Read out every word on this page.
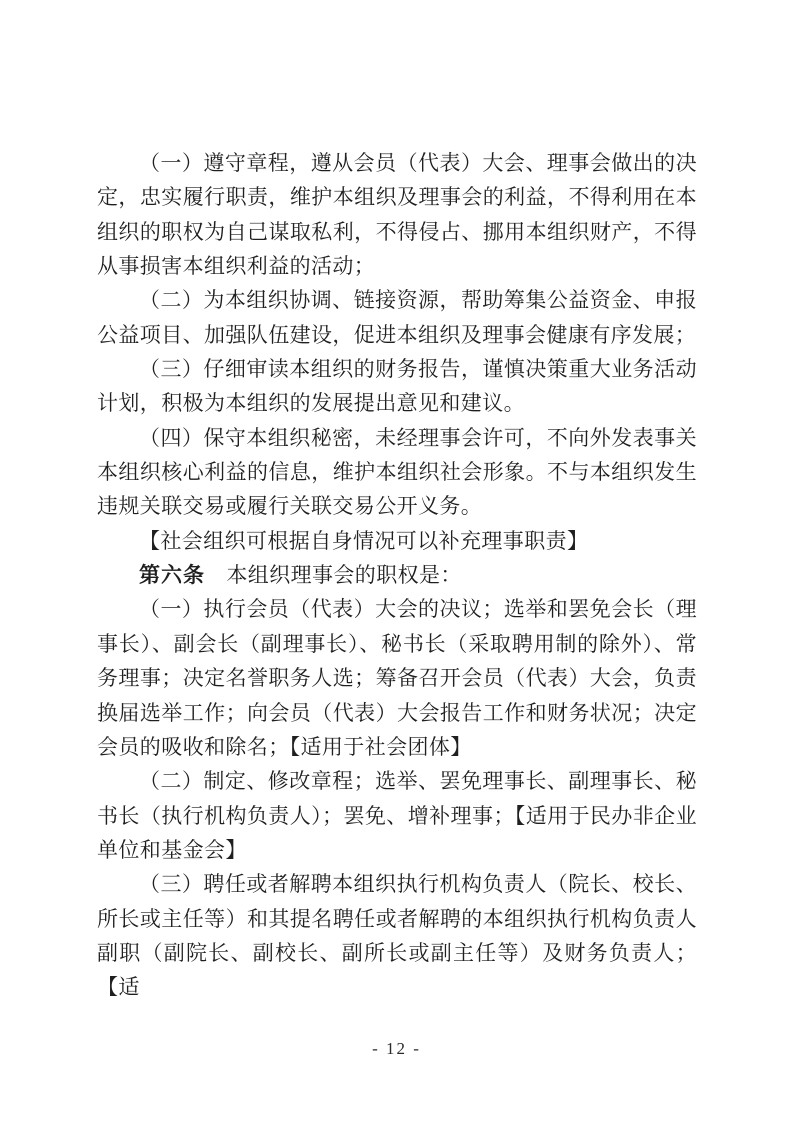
（一）遵守章程，遵从会员（代表）大会、理事会做出的决定，忠实履行职责，维护本组织及理事会的利益，不得利用在本组织的职权为自己谋取私利，不得侵占、挪用本组织财产，不得从事损害本组织利益的活动；

（二）为本组织协调、链接资源，帮助筹集公益资金、申报公益项目、加强队伍建设，促进本组织及理事会健康有序发展；

（三）仔细审读本组织的财务报告，谨慎决策重大业务活动计划，积极为本组织的发展提出意见和建议。

（四）保守本组织秘密，未经理事会许可，不向外发表事关本组织核心利益的信息，维护本组织社会形象。不与本组织发生违规关联交易或履行关联交易公开义务。

【社会组织可根据自身情况可以补充理事职责】

第六条　本组织理事会的职权是：

（一）执行会员（代表）大会的决议；选举和罢免会长（理事长）、副会长（副理事长）、秘书长（采取聘用制的除外）、常务理事；决定名誉职务人选；筹备召开会员（代表）大会，负责换届选举工作；向会员（代表）大会报告工作和财务状况；决定会员的吸收和除名；【适用于社会团体】

（二）制定、修改章程；选举、罢免理事长、副理事长、秘书长（执行机构负责人）；罢免、增补理事；【适用于民办非企业单位和基金会】

（三）聘任或者解聘本组织执行机构负责人（院长、校长、所长或主任等）和其提名聘任或者解聘的本组织执行机构负责人副职（副院长、副校长、副所长或副主任等）及财务负责人；【适

- 12 -
